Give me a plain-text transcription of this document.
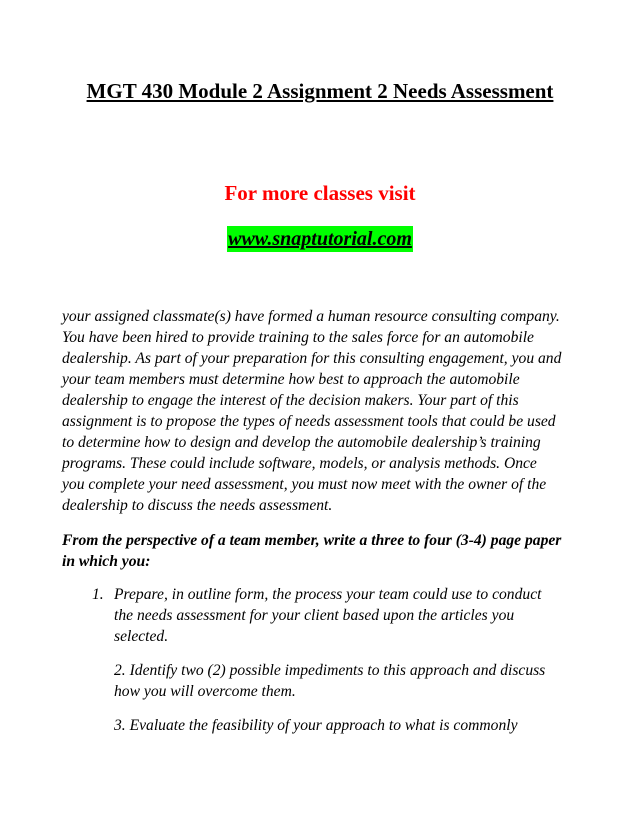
MGT 430 Module 2 Assignment 2 Needs Assessment
For more classes visit
www.snaptutorial.com

your assigned classmate(s) have formed a human resource consulting company. You have been hired to provide training to the sales force for an automobile dealership. As part of your preparation for this consulting engagement, you and your team members must determine how best to approach the automobile dealership to engage the interest of the decision makers. Your part of this assignment is to propose the types of needs assessment tools that could be used to determine how to design and develop the automobile dealership’s training programs. These could include software, models, or analysis methods. Once you complete your need assessment, you must now meet with the owner of the dealership to discuss the needs assessment.

From the perspective of a team member, write a three to four (3-4) page paper in which you:

1. Prepare, in outline form, the process your team could use to conduct the needs assessment for your client based upon the articles you selected.

2. Identify two (2) possible impediments to this approach and discuss how you will overcome them.

3. Evaluate the feasibility of your approach to what is commonly
